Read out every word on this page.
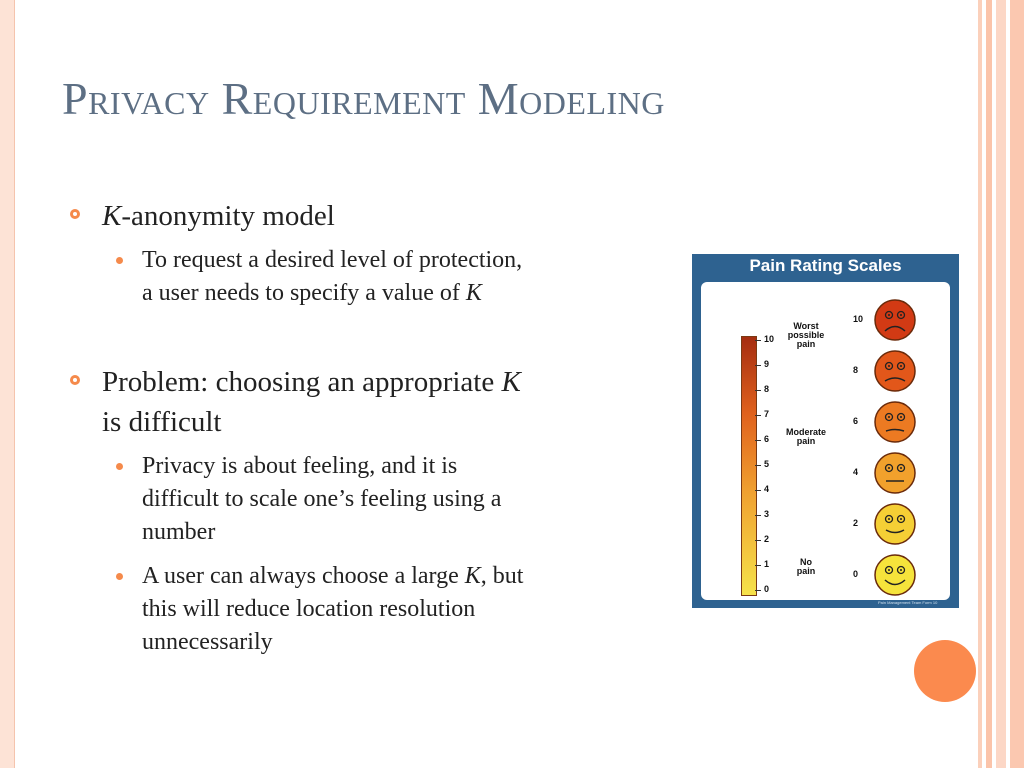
Privacy Requirement Modeling
K-anonymity model
To request a desired level of protection,
a user needs to specify a value of K
Problem: choosing an appropriate K
is difficult
Privacy is about feeling, and it is
difficult to scale one’s feeling using a
number
A user can always choose a large K, but
this will reduce location resolution
unnecessarily
Pain Rating Scales
10
9
8
7
6
5
4
3
2
1
0
10
8
6
4
2
0
Worst
possible
pain
Moderate
pain
No
pain
Pain Management Team Form 10
